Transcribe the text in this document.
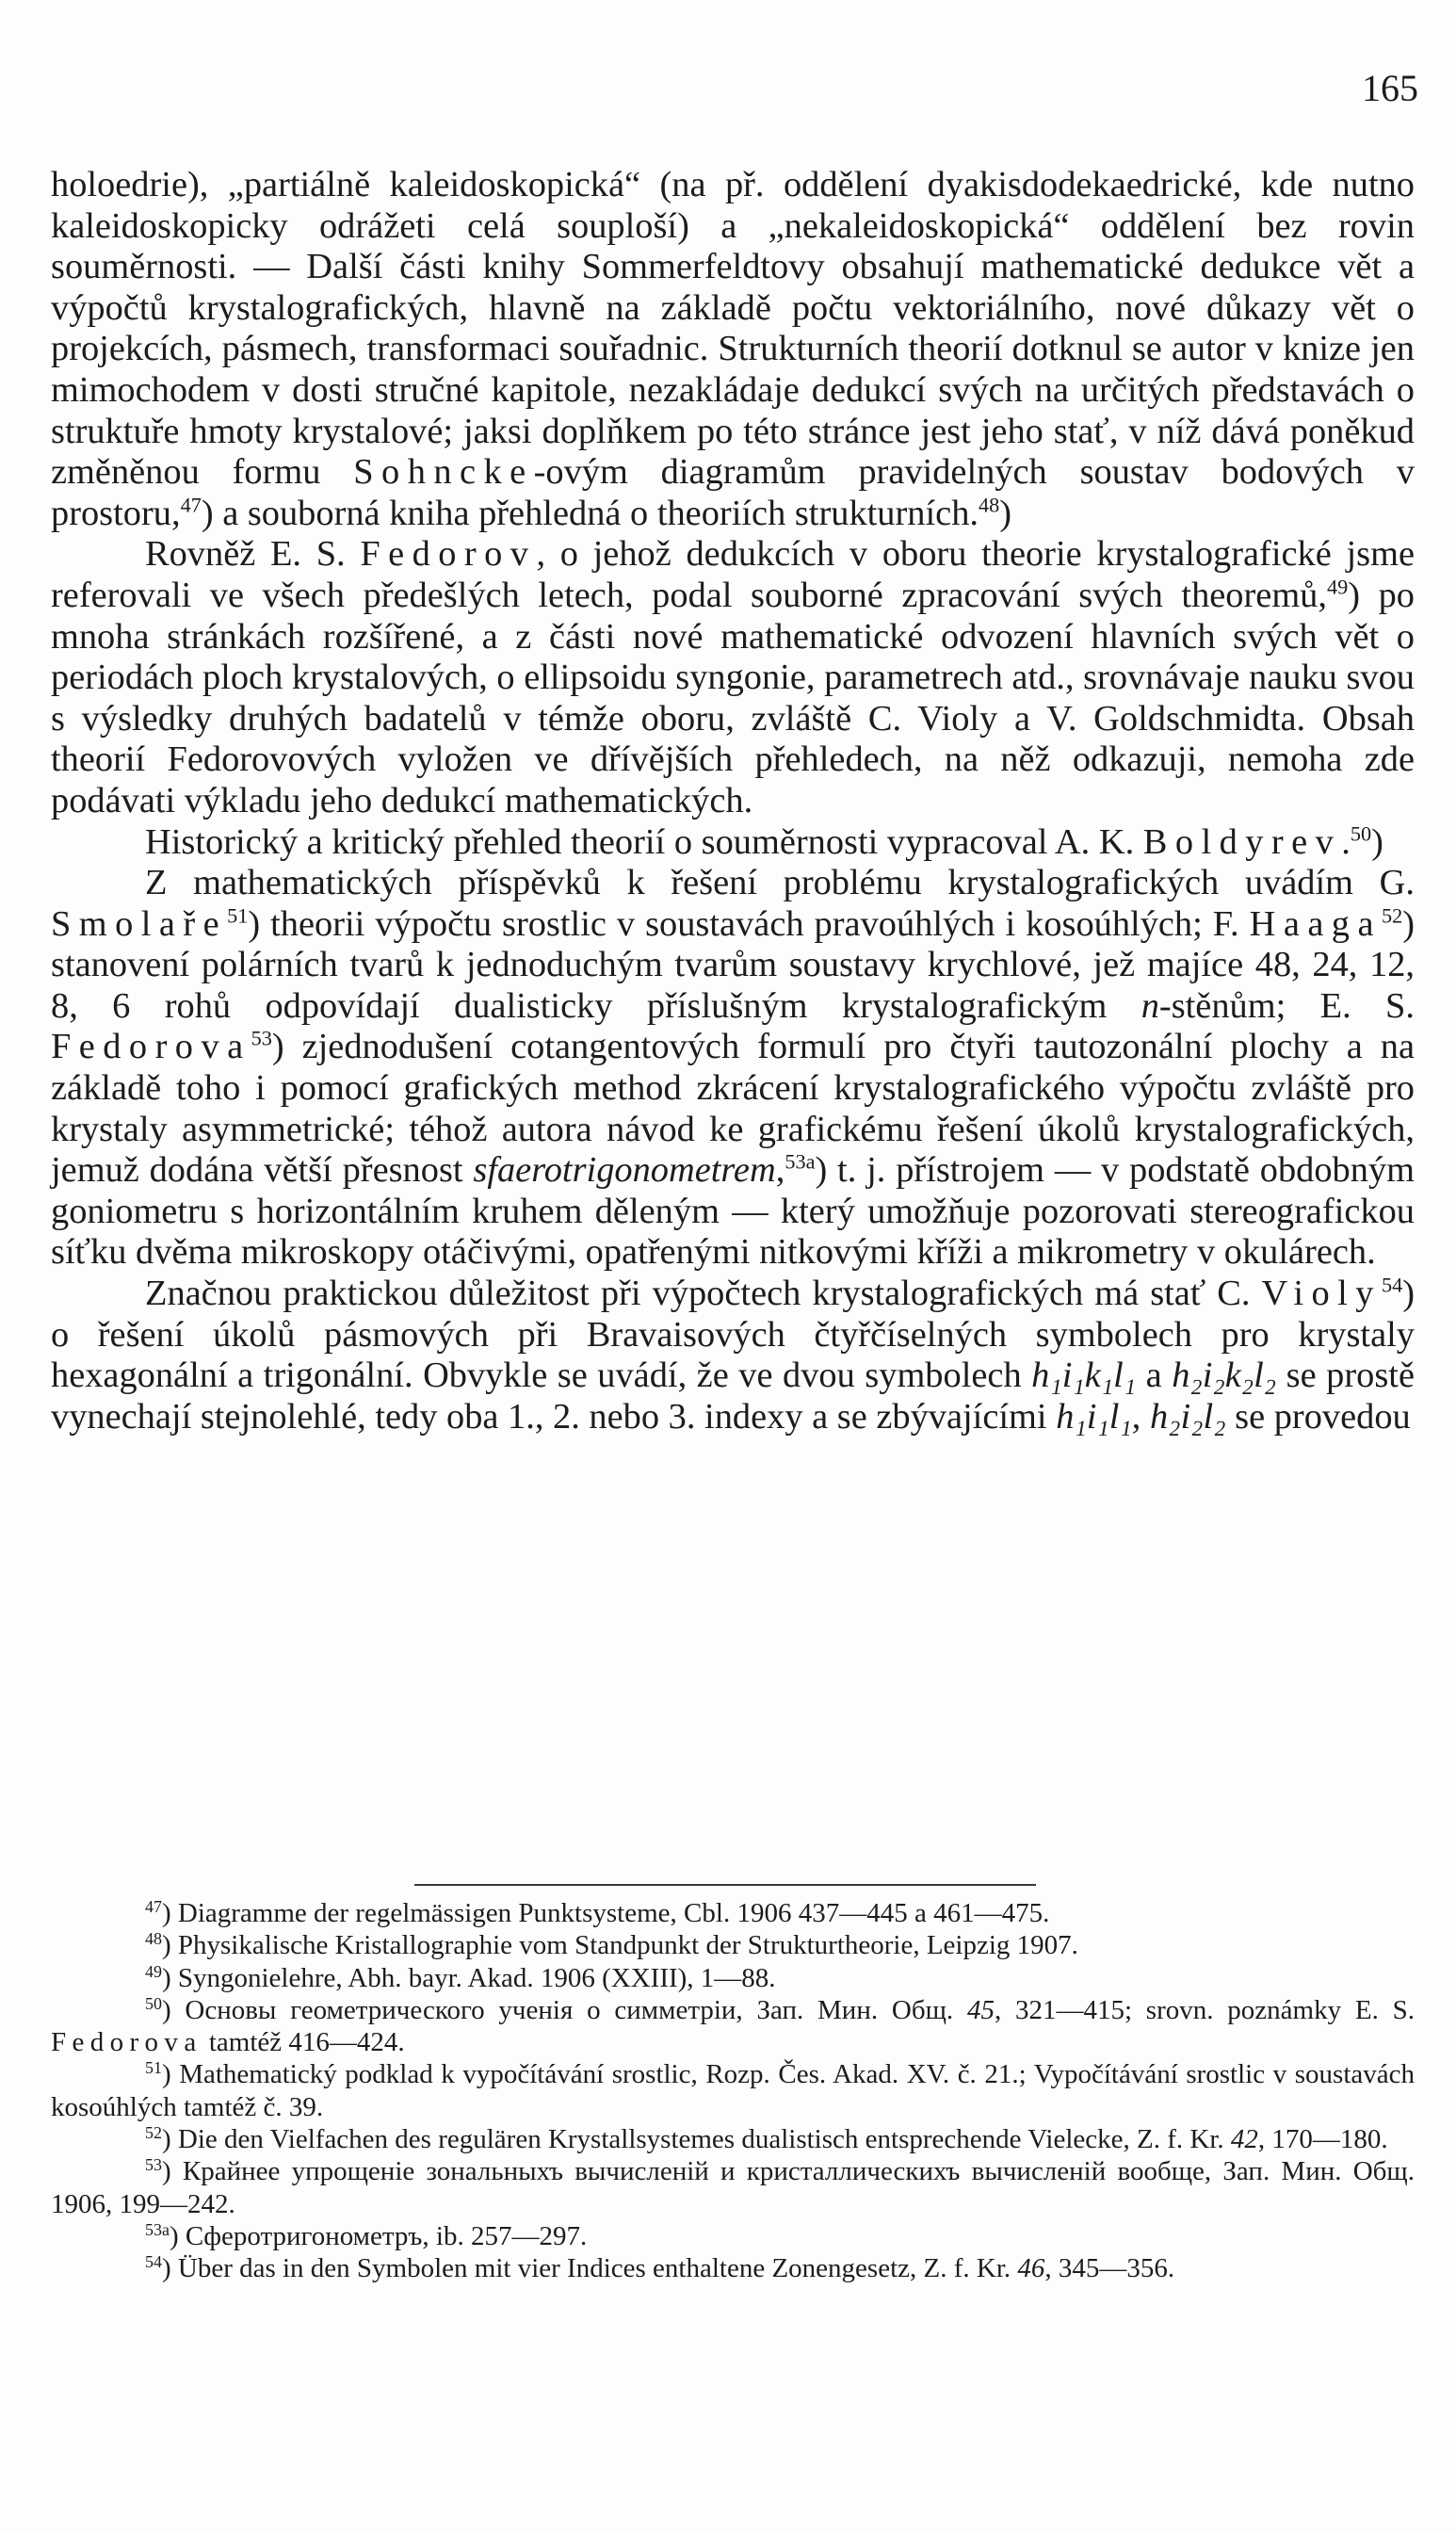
165

holoedrie), „partiálně kaleidoskopická“ (na př. oddělení dyakisdodekaedrické, kde nutno kaleidoskopicky odrážeti celá souploší) a „nekaleidoskopická“ oddělení bez rovin souměrnosti. — Další části knihy Sommerfeldtovy obsahují mathematické dedukce vět a výpočtů krystalografických, hlavně na základě počtu vektoriálního, nové důkazy vět o projekcích, pásmech, transformaci souřadnic. Strukturních theorií dotknul se autor v knize jen mimochodem v dosti stručné kapitole, nezakládaje dedukcí svých na určitých představách o struktuře hmoty krystalové; jaksi doplňkem po této stránce jest jeho stať, v níž dává poněkud změněnou formu Sohncke-ovým diagramům pravidelných soustav bodových v prostoru,$^{47}$) a souborná kniha přehledná o theoriích strukturních.$^{48}$)

Rovněž E. S. Fedorov, o jehož dedukcích v oboru theorie krystalografické jsme referovali ve všech předešlých letech, podal souborné zpracování svých theoremů,$^{49}$) po mnoha stránkách rozšířené, a z části nové mathematické odvození hlavních svých vět o periodách ploch krystalových, o ellipsoidu syngonie, parametrech atd., srovnávaje nauku svou s výsledky druhých badatelů v témže oboru, zvláště C. Violy a V. Goldschmidta. Obsah theorií Fedorovových vyložen ve dřívějších přehledech, na něž odkazuji, nemoha zde podávati výkladu jeho dedukcí mathematických.

Historický a kritický přehled theorií o souměrnosti vypracoval A. K. Boldyrev.$^{50}$)

Z mathematických příspěvků k řešení problému krystalografických uvádím G. Smolaře$^{51}$) theorii výpočtu srostlic v soustavách pravoúhlých i kosoúhlých; F. Haaga$^{52}$) stanovení polárních tvarů k jednoduchým tvarům soustavy krychlové, jež majíce 48, 24, 12, 8, 6 rohů odpovídají dualisticky příslušným krystalografickým n-stěnům; E. S. Fedorova$^{53}$) zjednodušení cotangentových formulí pro čtyři tautozonální plochy a na základě toho i pomocí grafických method zkrácení krystalografického výpočtu zvláště pro krystaly asymmetrické; téhož autora návod ke grafickému řešení úkolů krystalografických, jemuž dodána větší přesnost sfaerotrigonometrem,$^{53a}$) t. j. přístrojem — v podstatě obdobným goniometru s horizontálním kruhem děleným — který umožňuje pozorovati stereografickou síťku dvěma mikroskopy otáčivými, opatřenými nitkovými kříži a mikrometry v okulárech.

Značnou praktickou důležitost při výpočtech krystalografických má stať C. Violy$^{54}$) o řešení úkolů pásmových při Bravaisových čtyřčíselných symbolech pro krystaly hexagonální a trigonální. Obvykle se uvádí, že ve dvou symbolech h₁i₁k₁l₁ a h₂i₂k₂l₂ se prostě vynechají stejnolehlé, tedy oba 1., 2. nebo 3. indexy a se zbývajícími h₁i₁l₁, h₂i₂l₂ se provedou

$^{47}$) Diagramme der regelmässigen Punktsysteme, Cbl. 1906 437—445 a 461—475.

$^{48}$) Physikalische Kristallographie vom Standpunkt der Strukturtheorie, Leipzig 1907.

$^{49}$) Syngonielehre, Abh. bayr. Akad. 1906 (XXIII), 1—88.

$^{50}$) Основы геометрического ученія о симметріи, Зап. Мин. Общ. 45, 321—415; srovn. poznámky E. S. Fedorova tamtéž 416—424.

$^{51}$) Mathematický podklad k vypočítávání srostlic, Rozp. Čes. Akad. XV. č. 21.; Vypočítávání srostlic v soustavách kosoúhlých tamtéž č. 39.

$^{52}$) Die den Vielfachen des regulären Krystallsystemes dualistisch entsprechende Vielecke, Z. f. Kr. 42, 170—180.

$^{53}$) Крайнее упрощеніе зональныхъ вычисленій и кристаллическихъ вычисленій вообще, Зап. Мин. Общ. 1906, 199—242.

$^{53a}$) Сферотригонометръ, ib. 257—297.

$^{54}$) Über das in den Symbolen mit vier Indices enthaltene Zonengesetz, Z. f. Kr. 46, 345—356.
